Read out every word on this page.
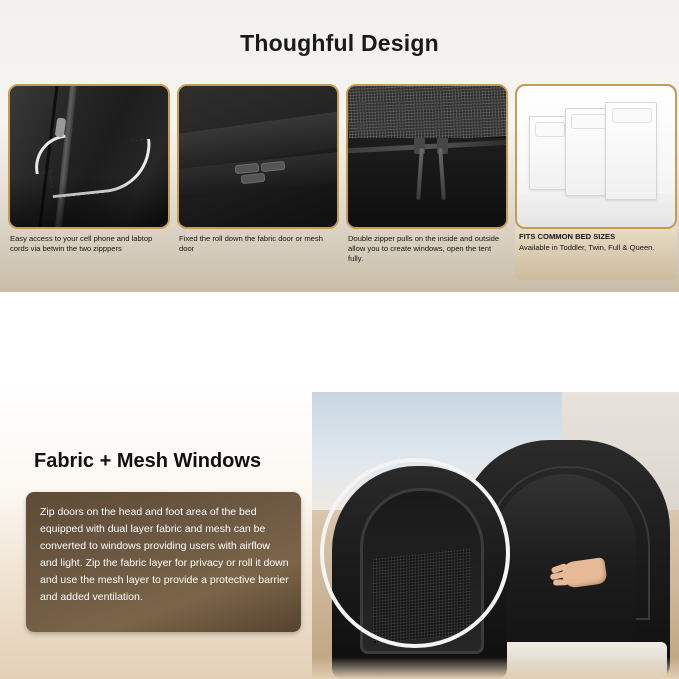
Thoughful Design
Easy access to your cell phone and labtop cords via betwin the two zipppers
Fixed the roll down the fabric door or mesh door
Double zipper pulls on the inside and outside allow you to create windows, open the tent fully.
FITS COMMON BED SIZES
Available in Toddler, Twin, Full & Queen.
Fabric + Mesh Windows
Zip doors on the head and foot area of the bed equipped with dual layer fabric and mesh can be converted to windows providing users with airflow and light. Zip the fabric layer for privacy or roll it down and use the mesh layer to provide a protective barrier and added ventilation.
